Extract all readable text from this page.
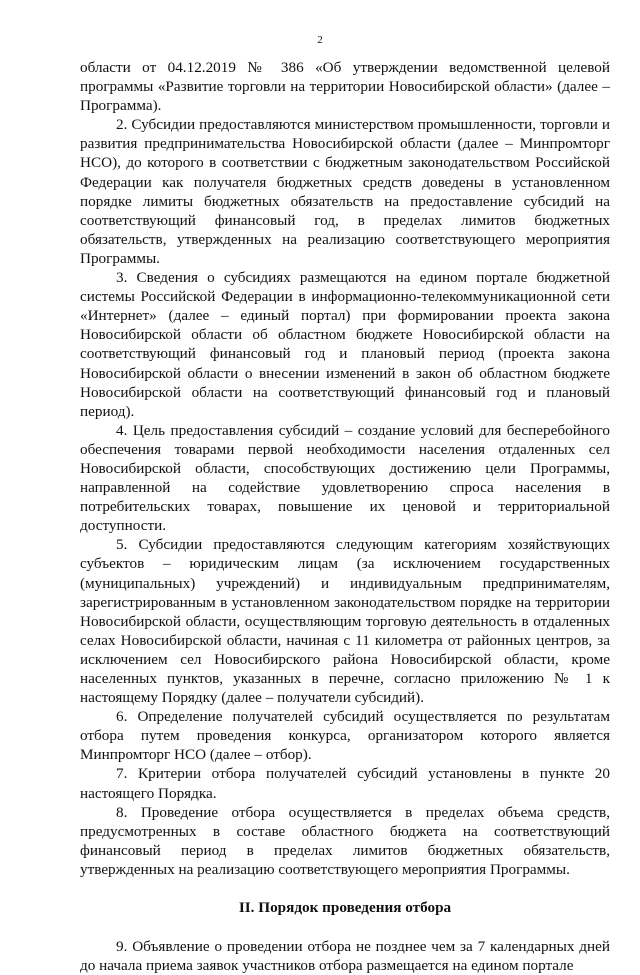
2

области от 04.12.2019 № 386 «Об утверждении ведомственной целевой программы «Развитие торговли на территории Новосибирской области» (далее – Программа).

2. Субсидии предоставляются министерством промышленности, торговли и развития предпринимательства Новосибирской области (далее – Минпромторг НСО), до которого в соответствии с бюджетным законодательством Российской Федерации как получателя бюджетных средств доведены в установленном порядке лимиты бюджетных обязательств на предоставление субсидий на соответствующий финансовый год, в пределах лимитов бюджетных обязательств, утвержденных на реализацию соответствующего мероприятия Программы.

3. Сведения о субсидиях размещаются на едином портале бюджетной системы Российской Федерации в информационно-телекоммуникационной сети «Интернет» (далее – единый портал) при формировании проекта закона Новосибирской области об областном бюджете Новосибирской области на соответствующий финансовый год и плановый период (проекта закона Новосибирской области о внесении изменений в закон об областном бюджете Новосибирской области на соответствующий финансовый год и плановый период).

4. Цель предоставления субсидий – создание условий для бесперебойного обеспечения товарами первой необходимости населения отдаленных сел Новосибирской области, способствующих достижению цели Программы, направленной на содействие удовлетворению спроса населения в потребительских товарах, повышение их ценовой и территориальной доступности.

5. Субсидии предоставляются следующим категориям хозяйствующих субъектов – юридическим лицам (за исключением государственных (муниципальных) учреждений) и индивидуальным предпринимателям, зарегистрированным в установленном законодательством порядке на территории Новосибирской области, осуществляющим торговую деятельность в отдаленных селах Новосибирской области, начиная с 11 километра от районных центров, за исключением сел Новосибирского района Новосибирской области, кроме населенных пунктов, указанных в перечне, согласно приложению № 1 к настоящему Порядку (далее – получатели субсидий).

6. Определение получателей субсидий осуществляется по результатам отбора путем проведения конкурса, организатором которого является Минпромторг НСО (далее – отбор).

7. Критерии отбора получателей субсидий установлены в пункте 20 настоящего Порядка.

8. Проведение отбора осуществляется в пределах объема средств, предусмотренных в составе областного бюджета на соответствующий финансовый период в пределах лимитов бюджетных обязательств, утвержденных на реализацию соответствующего мероприятия Программы.

II. Порядок проведения отбора

9. Объявление о проведении отбора не позднее чем за 7 календарных дней до начала приема заявок участников отбора размещается на едином портале
